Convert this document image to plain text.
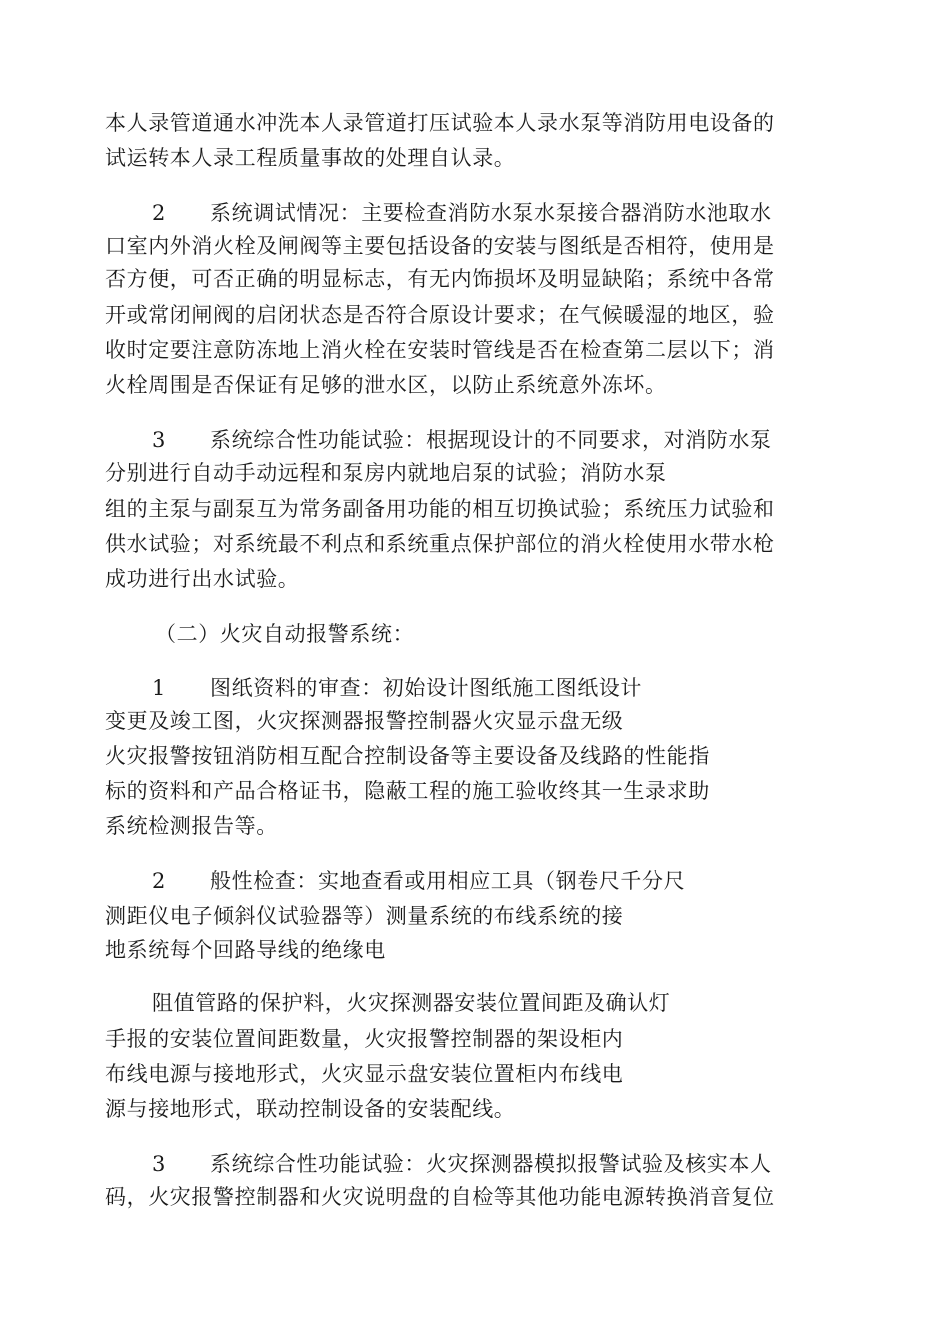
本人录管道通水冲洗本人录管道打压试验本人录水泵等消防用电设备的
试运转本人录工程质量事故的处理自认录。
2 系统调试情况：主要检查消防水泵水泵接合器消防水池取水
口室内外消火栓及闸阀等主要包括设备的安装与图纸是否相符，使用是
否方便，可否正确的明显标志，有无内饰损坏及明显缺陷；系统中各常
开或常闭闸阀的启闭状态是否符合原设计要求；在气候暖湿的地区，验
收时定要注意防冻地上消火栓在安装时管线是否在检查第二层以下；消
火栓周围是否保证有足够的泄水区，以防止系统意外冻坏。
3 系统综合性功能试验：根据现设计的不同要求，对消防水泵
分别进行自动手动远程和泵房内就地启泵的试验；消防水泵
组的主泵与副泵互为常务副备用功能的相互切换试验；系统压力试验和
供水试验；对系统最不利点和系统重点保护部位的消火栓使用水带水枪
成功进行出水试验。
（二）火灾自动报警系统：
1 图纸资料的审查：初始设计图纸施工图纸设计
变更及竣工图，火灾探测器报警控制器火灾显示盘无级
火灾报警按钮消防相互配合控制设备等主要设备及线路的性能指
标的资料和产品合格证书，隐蔽工程的施工验收终其一生录求助
系统检测报告等。
2 般性检查：实地查看或用相应工具（钢卷尺千分尺
测距仪电子倾斜仪试验器等）测量系统的布线系统的接
地系统每个回路导线的绝缘电
阻值管路的保护料，火灾探测器安装位置间距及确认灯
手报的安装位置间距数量，火灾报警控制器的架设柜内
布线电源与接地形式，火灾显示盘安装位置柜内布线电
源与接地形式，联动控制设备的安装配线。
3 系统综合性功能试验：火灾探测器模拟报警试验及核实本人
码，火灾报警控制器和火灾说明盘的自检等其他功能电源转换消音复位
